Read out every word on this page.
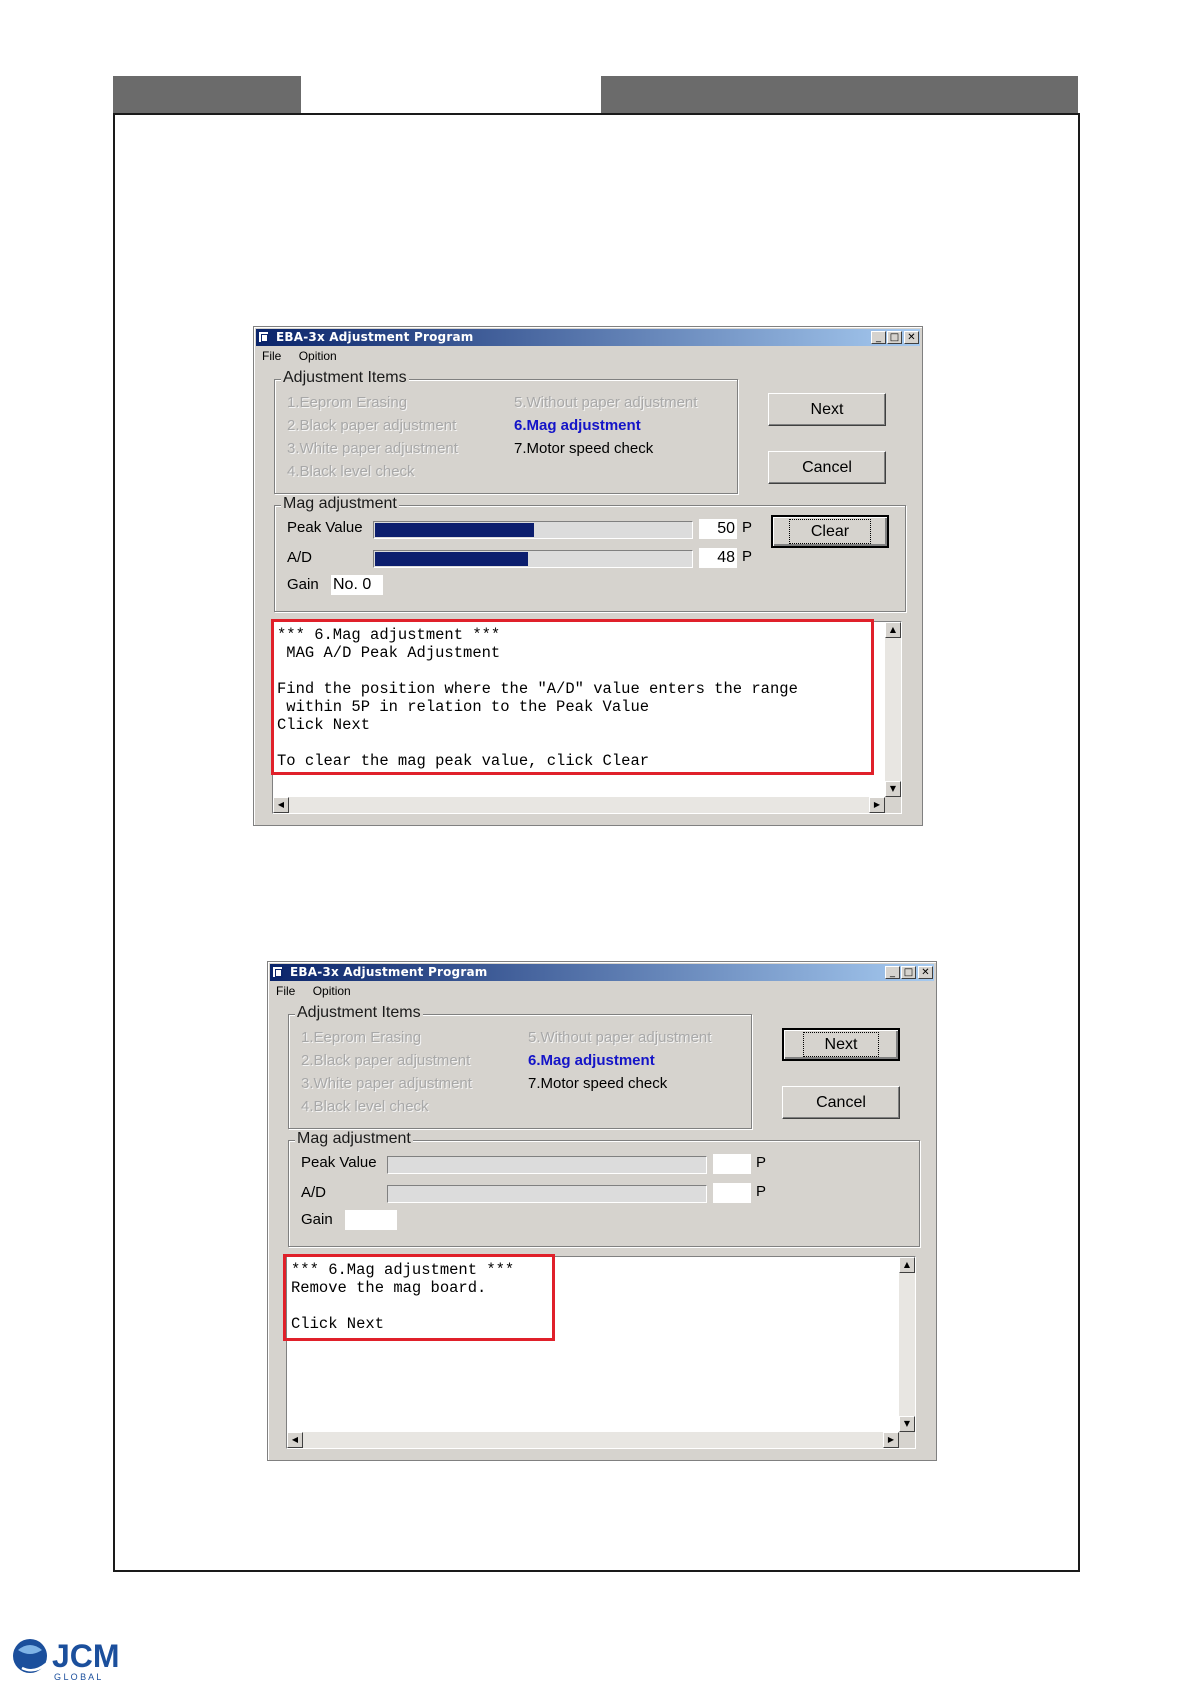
EBA-3x Adjustment Program	_ □ ✕
File Opition
Adjustment Items
1.Eeprom Erasing
2.Black paper adjustment
3.White paper adjustment
4.Black level check
5.Without paper adjustment
6.Mag adjustment
7.Motor speed check
Next
Cancel
Mag adjustment
Peak Value	50 P
A/D	48 P
Gain No. 0
Clear
*** 6.Mag adjustment ***
MAG A/D Peak Adjustment

Find the position where the "A/D" value enters the range
within 5P in relation to the Peak Value
Click Next

To clear the mag peak value, click Clear
▲
▼
◀	▶
EBA-3x Adjustment Program	_ □ ✕
File Opition
Adjustment Items
1.Eeprom Erasing
2.Black paper adjustment
3.White paper adjustment
4.Black level check
5.Without paper adjustment
6.Mag adjustment
7.Motor speed check
Next
Cancel
Mag adjustment
Peak Value	P
A/D	P
Gain
*** 6.Mag adjustment ***
Remove the mag board.

Click Next
▲
▼
◀	▶
JCM
G L O B A L
